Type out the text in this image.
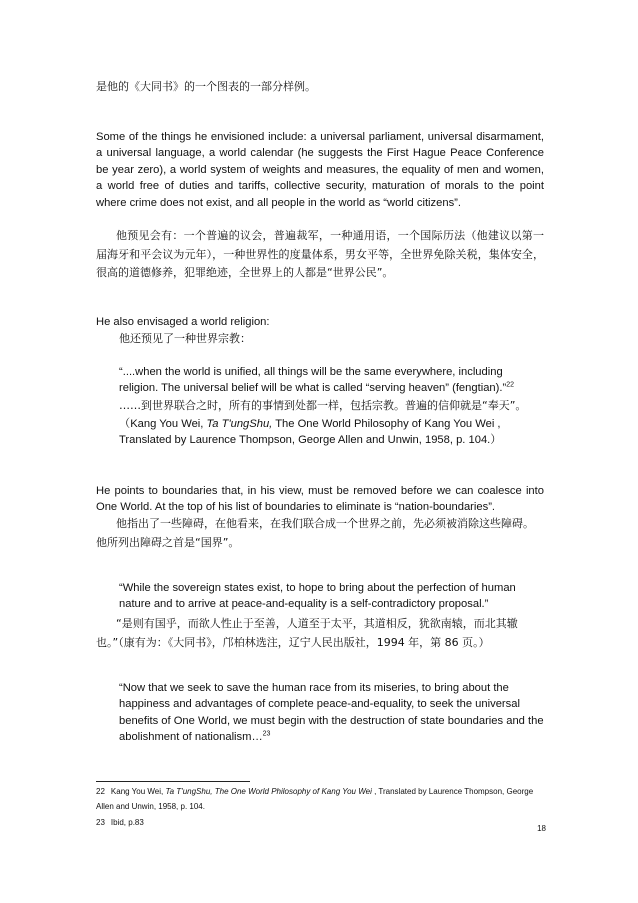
是他的《大同书》的一个图表的一部分样例。
Some of the things he envisioned include: a universal parliament, universal disarmament, a universal language, a world calendar (he suggests the First Hague Peace Conference be year zero), a world system of weights and measures, the equality of men and women, a world free of duties and tariffs, collective security, maturation of morals to the point where crime does not exist, and all people in the world as “world citizens”.
他预见会有：一个普遍的议会，普遍裁军，一种通用语，一个国际历法（他建议以第一届海牙和平会议为元年），一种世界性的度量体系，男女平等，全世界免除关税，集体安全，很高的道德修养，犯罪绝迹，全世界上的人都是“世界公民”。
He also envisaged a world religion:
他还预见了一种世界宗教：
“....when the world is unified, all things will be the same everywhere, including religion. The universal belief will be what is called “serving heaven” (fengtian).”$^{22}$
……到世界联合之时，所有的事情到处都一样，包括宗教。普遍的信仰就是“奉天”。
（Kang You Wei, Ta T'ungShu, The One World Philosophy of Kang You Wei , Translated by Laurence Thompson, George Allen and Unwin, 1958, p. 104.）
He points to boundaries that, in his view, must be removed before we can coalesce into One World. At the top of his list of boundaries to eliminate is “nation-boundaries”.
他指出了一些障碍，在他看来，在我们联合成一个世界之前，先必须被消除这些障碍。他所列出障碍之首是“国界”。
“While the sovereign states exist, to hope to bring about the perfection of human nature and to arrive at peace-and-equality is a self-contradictory proposal.”
“是则有国乎，而欲人性止于至善，人道至于太平，其道相反，犹欲南辕，而北其辙也。”（康有为：《大同书》，邝柏林选注，辽宁人民出版社，1994 年，第 86 页。）
“Now that we seek to save the human race from its miseries, to bring about the happiness and advantages of complete peace-and-equality, to seek the universal benefits of One World, we must begin with the destruction of state boundaries and the abolishment of nationalism…$^{23}$
22 Kang You Wei, Ta T'ungShu, The One World Philosophy of Kang You Wei , Translated by Laurence Thompson, George Allen and Unwin, 1958, p. 104.
23 Ibid, p.83
18
